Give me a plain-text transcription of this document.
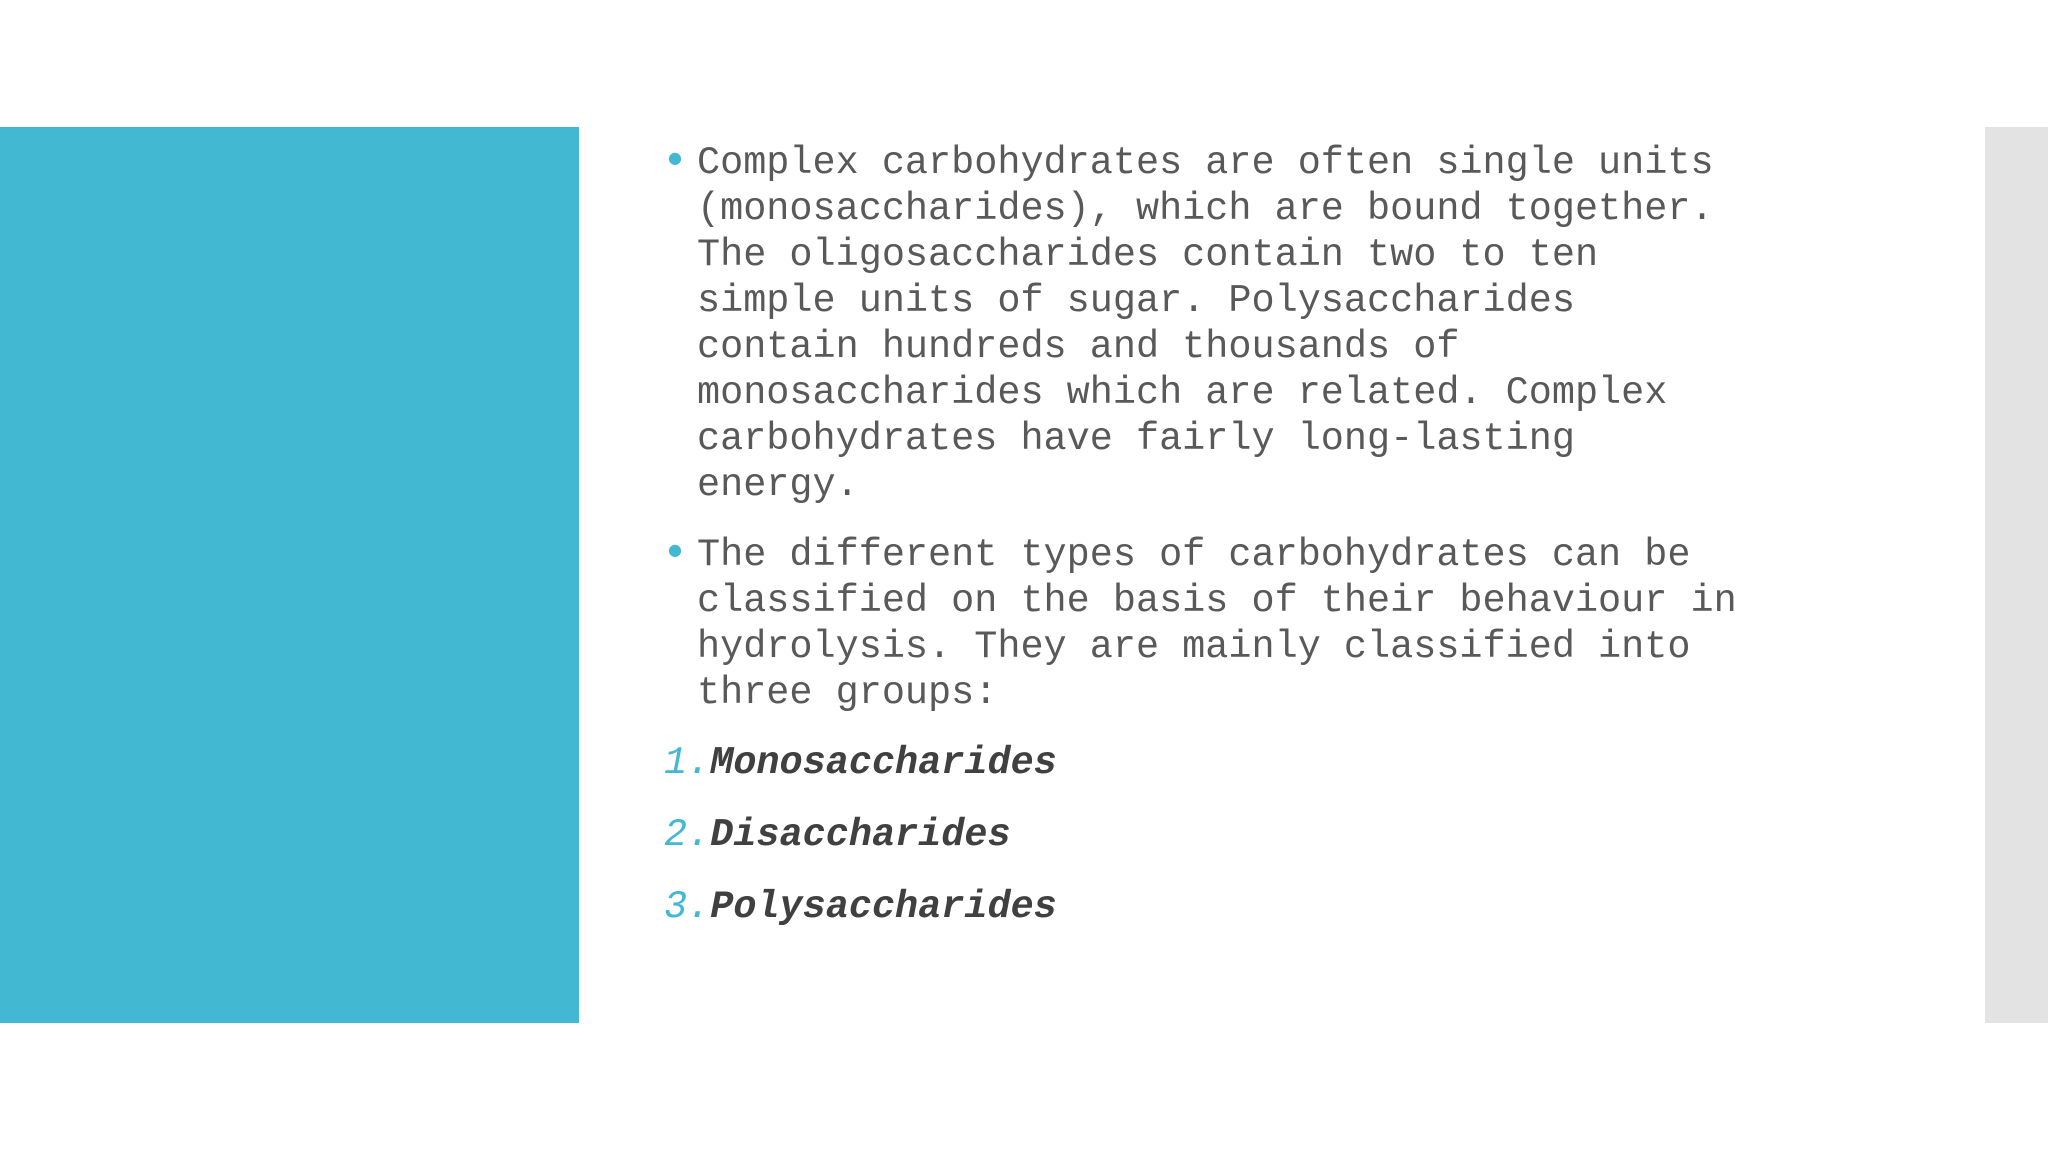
● Complex carbohydrates are often single units
(monosaccharides), which are bound together.
The oligosaccharides contain two to ten
simple units of sugar. Polysaccharides
contain hundreds and thousands of
monosaccharides which are related. Complex
carbohydrates have fairly long-lasting
energy.
● The different types of carbohydrates can be
classified on the basis of their behaviour in
hydrolysis. They are mainly classified into
three groups:
1. Monosaccharides
2. Disaccharides
3. Polysaccharides
